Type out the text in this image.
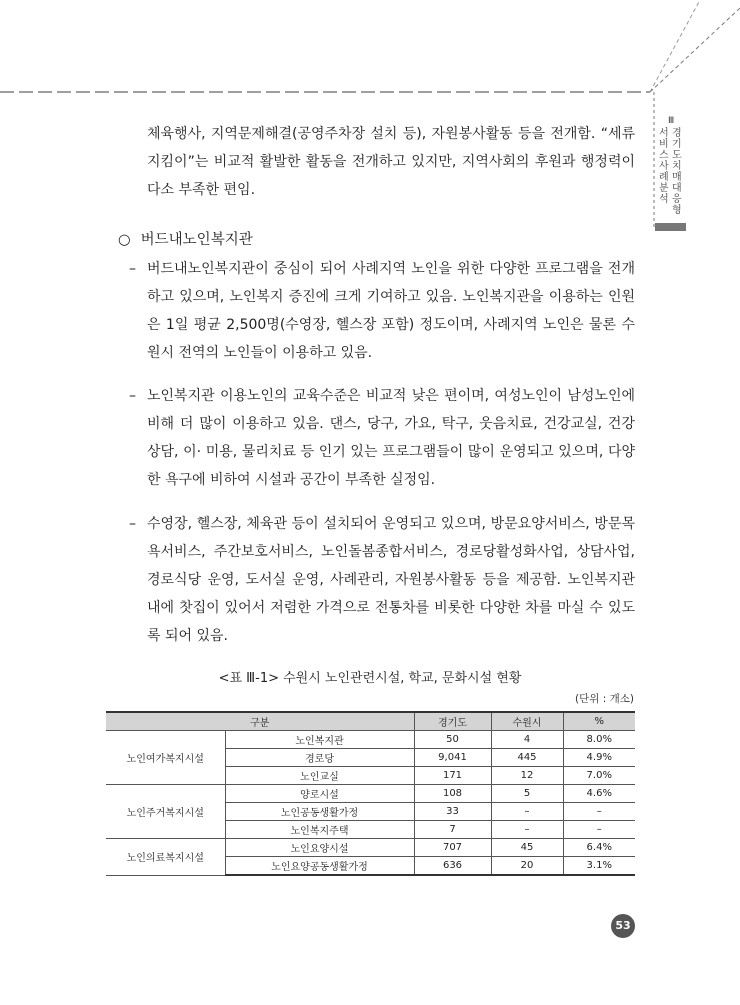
Ⅲ
서비스 사례분석
경기도 치매대응형
체육행사, 지역문제해결(공영주차장 설치 등), 자원봉사활동 등을 전개함. “세류지킴이”는 비교적 활발한 활동을 전개하고 있지만, 지역사회의 후원과 행정력이 다소 부족한 편임.
○ 버드내노인복지관
– 버드내노인복지관이 중심이 되어 사례지역 노인을 위한 다양한 프로그램을 전개하고 있으며, 노인복지 증진에 크게 기여하고 있음. 노인복지관을 이용하는 인원은 1일 평균 2,500명(수영장, 헬스장 포함) 정도이며, 사례지역 노인은 물론 수원시 전역의 노인들이 이용하고 있음.
– 노인복지관 이용노인의 교육수준은 비교적 낮은 편이며, 여성노인이 남성노인에 비해 더 많이 이용하고 있음. 댄스, 당구, 가요, 탁구, 웃음치료, 건강교실, 건강 상담, 이· 미용, 물리치료 등 인기 있는 프로그램들이 많이 운영되고 있으며, 다양한 욕구에 비하여 시설과 공간이 부족한 실정임.
– 수영장, 헬스장, 체육관 등이 설치되어 운영되고 있으며, 방문요양서비스, 방문목욕서비스, 주간보호서비스, 노인돌봄종합서비스, 경로당활성화사업, 상담사업, 경로식당 운영, 도서실 운영, 사례관리, 자원봉사활동 등을 제공함. 노인복지관 내에 찻집이 있어서 저렴한 가격으로 전통차를 비롯한 다양한 차를 마실 수 있도록 되어 있음.
<표 Ⅲ-1> 수원시 노인관련시설, 학교, 문화시설 현황
(단위 : 개소)
구분		경기도	수원시	%
노인여가복지시설	노인복지관	50	4	8.0%
	경로당	9,041	445	4.9%
	노인교실	171	12	7.0%
노인주거복지시설	양로시설	108	5	4.6%
	노인공동생활가정	33	–	–
	노인복지주택	7	–	–
노인의료복지시설	노인요양시설	707	45	6.4%
	노인요양공동생활가정	636	20	3.1%
53
